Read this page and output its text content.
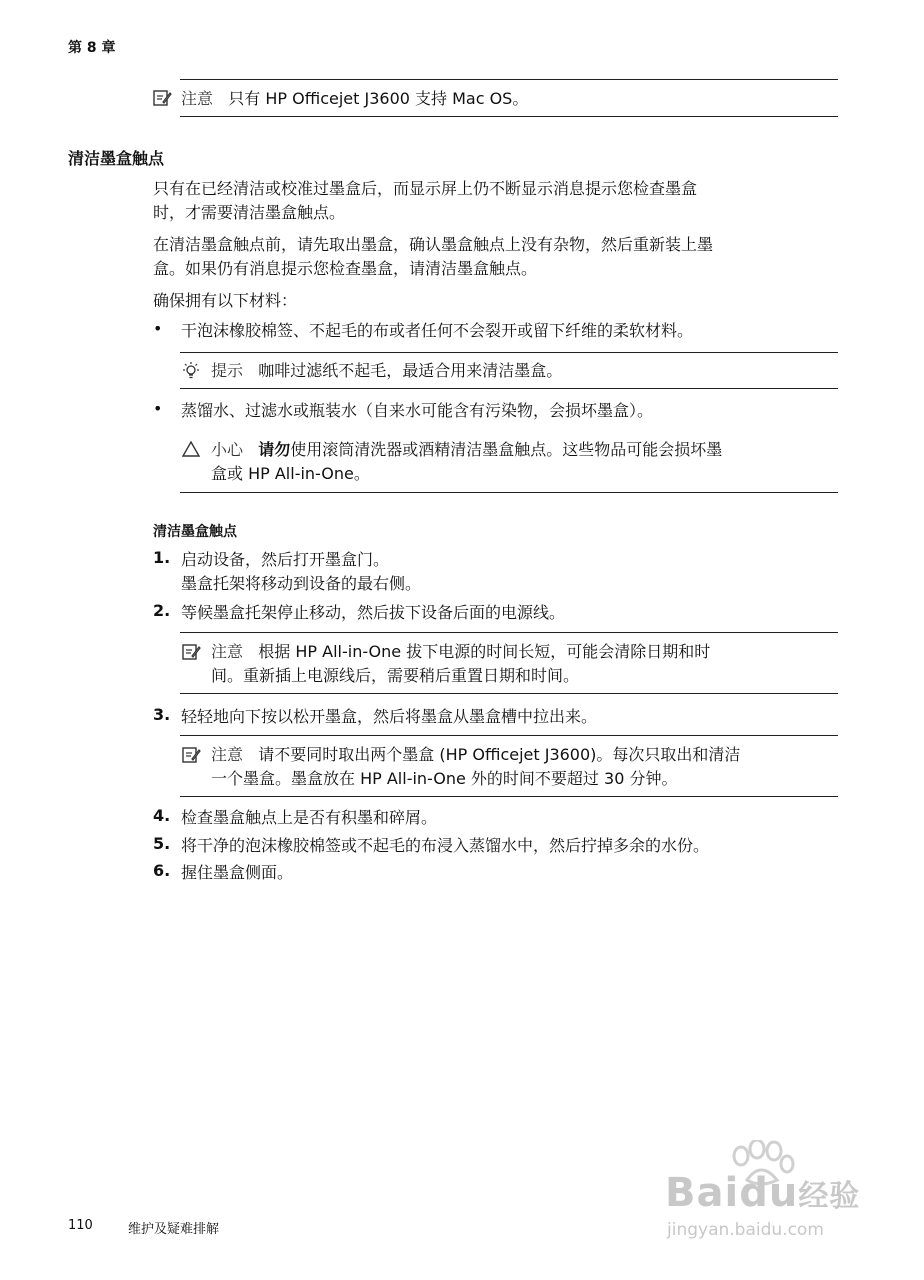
第 8 章
注意 只有 HP Officejet J3600 支持 Mac OS。
清洁墨盒触点
只有在已经清洁或校准过墨盒后，而显示屏上仍不断显示消息提示您检查墨盒
时，才需要清洁墨盒触点。
在清洁墨盒触点前，请先取出墨盒，确认墨盒触点上没有杂物，然后重新装上墨
盒。如果仍有消息提示您检查墨盒，请清洁墨盒触点。
确保拥有以下材料：
• 干泡沫橡胶棉签、不起毛的布或者任何不会裂开或留下纤维的柔软材料。
提示 咖啡过滤纸不起毛，最适合用来清洁墨盒。
• 蒸馏水、过滤水或瓶装水（自来水可能含有污染物，会损坏墨盒）。
小心 请勿使用滚筒清洗器或酒精清洁墨盒触点。这些物品可能会损坏墨
盒或 HP All-in-One。
清洁墨盒触点
1. 启动设备，然后打开墨盒门。
墨盒托架将移动到设备的最右侧。
2. 等候墨盒托架停止移动，然后拔下设备后面的电源线。
注意 根据 HP All-in-One 拔下电源的时间长短，可能会清除日期和时
间。重新插上电源线后，需要稍后重置日期和时间。
3. 轻轻地向下按以松开墨盒，然后将墨盒从墨盒槽中拉出来。
注意 请不要同时取出两个墨盒 (HP Officejet J3600)。每次只取出和清洁
一个墨盒。墨盒放在 HP All-in-One 外的时间不要超过 30 分钟。
4. 检查墨盒触点上是否有积墨和碎屑。
5. 将干净的泡沫橡胶棉签或不起毛的布浸入蒸馏水中，然后拧掉多余的水份。
6. 握住墨盒侧面。
Baidu经验
jingyan.baidu.com
110	维护及疑难排解
